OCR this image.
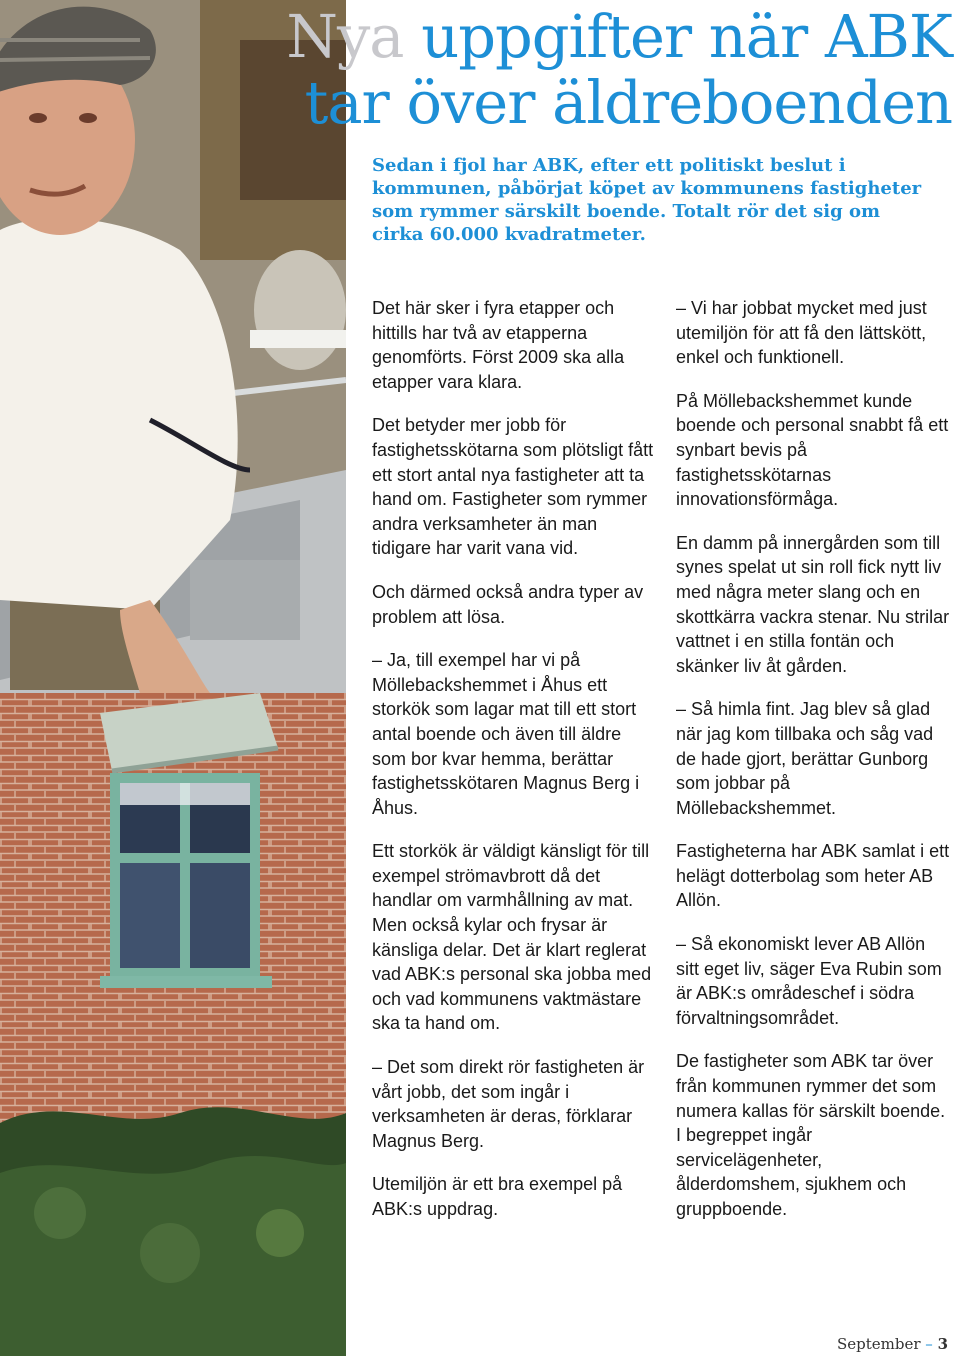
Nya uppgifter när ABK
tar över äldreboenden

Sedan i fjol har ABK, efter ett politiskt beslut i kommunen, påbörjat köpet av kommunens fastigheter som rymmer särskilt boende. Totalt rör det sig om cirka 60.000 kvadratmeter.

Det här sker i fyra etapper och hittills har två av etapperna genomförts. Först 2009 ska alla etapper vara klara.

Det betyder mer jobb för fastighetsskötarna som plötsligt fått ett stort antal nya fastigheter att ta hand om. Fastigheter som rymmer andra verksamheter än man tidigare har varit vana vid.

Och därmed också andra typer av problem att lösa.

– Ja, till exempel har vi på Möllebackshemmet i Åhus ett storkök som lagar mat till ett stort antal boende och även till äldre som bor kvar hemma, berättar fastighetsskötaren Magnus Berg i Åhus.

Ett storkök är väldigt känsligt för till exempel strömavbrott då det handlar om varmhållning av mat. Men också kylar och frysar är känsliga delar. Det är klart reglerat vad ABK:s personal ska jobba med och vad kommunens vaktmästare ska ta hand om.

– Det som direkt rör fastigheten är vårt jobb, det som ingår i verksamheten är deras, förklarar Magnus Berg.

Utemiljön är ett bra exempel på ABK:s uppdrag.

– Vi har jobbat mycket med just utemiljön för att få den lättskött, enkel och funktionell.

På Möllebackshemmet kunde boende och personal snabbt få ett synbart bevis på fastighetsskötarnas innovationsförmåga.

En damm på innergården som till synes spelat ut sin roll fick nytt liv med några meter slang och en skottkärra vackra stenar. Nu strilar vattnet i en stilla fontän och skänker liv åt gården.

– Så himla fint. Jag blev så glad när jag kom tillbaka och såg vad de hade gjort, berättar Gunborg som jobbar på Möllebackshemmet.

Fastigheterna har ABK samlat i ett helägt dotterbolag som heter AB Allön.

– Så ekonomiskt lever AB Allön sitt eget liv, säger Eva Rubin som är ABK:s områdeschef i södra förvaltningsområdet.

De fastigheter som ABK tar över från kommunen rymmer det som numera kallas för särskilt boende. I begreppet ingår servicelägenheter, ålderdomshem, sjukhem och gruppboende.

September – 3
